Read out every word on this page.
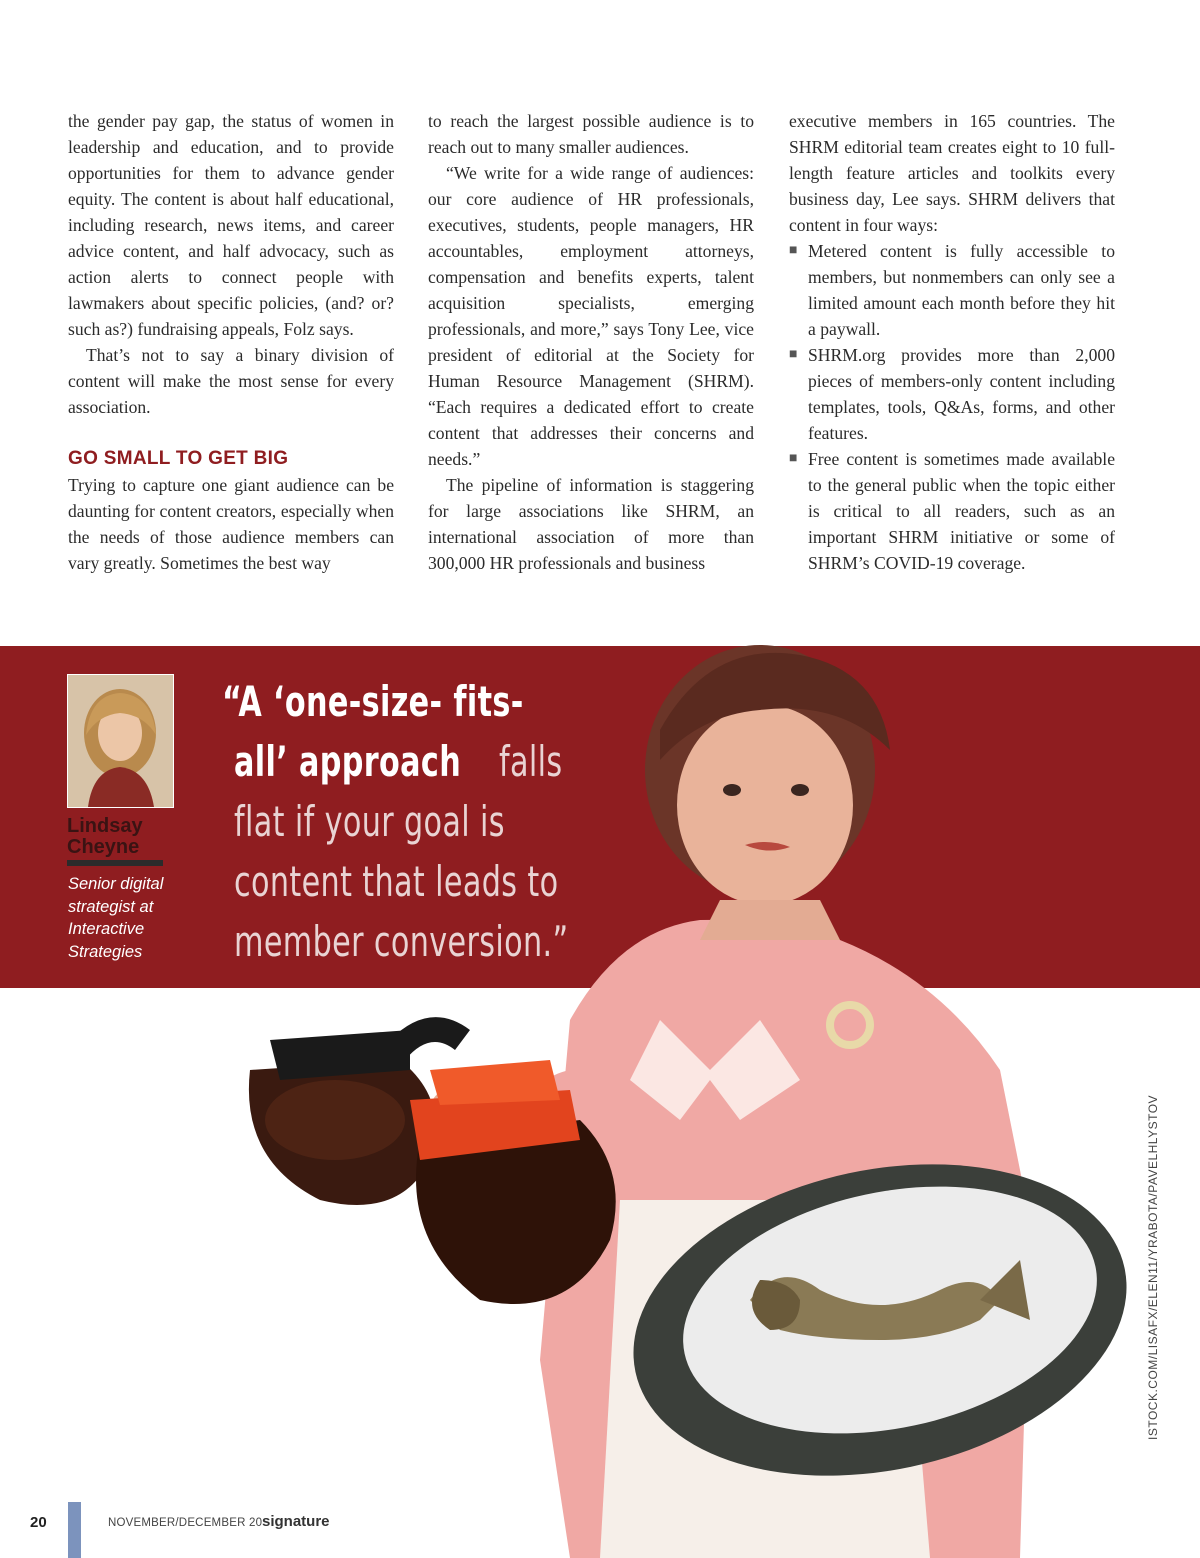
the gender pay gap, the status of women in leadership and education, and to provide opportunities for them to advance gender equity. The content is about half educational, including research, news items, and career advice content, and half advocacy, such as action alerts to connect people with lawmakers about specific policies, (and? or? such as?) fundraising appeals, Folz says.

That’s not to say a binary division of content will make the most sense for every association.

GO SMALL TO GET BIG

Trying to capture one giant audience can be daunting for content creators, especially when the needs of those audience members can vary greatly. Sometimes the best way

to reach the largest possible audience is to reach out to many smaller audiences.

“We write for a wide range of audiences: our core audience of HR professionals, executives, students, people managers, HR accountables, employment attorneys, compensation and benefits experts, talent acquisition specialists, emerging professionals, and more,” says Tony Lee, vice president of editorial at the Society for Human Resource Management (SHRM). “Each requires a dedicated effort to create content that addresses their concerns and needs.”

The pipeline of information is staggering for large associations like SHRM, an international association of more than 300,000 HR professionals and business

executive members in 165 countries. The SHRM editorial team creates eight to 10 full-length feature articles and toolkits every business day, Lee says. SHRM delivers that content in four ways:

■ Metered content is fully accessible to members, but nonmembers can only see a limited amount each month before they hit a paywall.

■ SHRM.org provides more than 2,000 pieces of members-only content including templates, tools, Q&As, forms, and other features.

■ Free content is sometimes made available to the general public when the topic either is critical to all readers, such as an important SHRM initiative or some of SHRM’s COVID-19 coverage.

Lindsay Cheyne
Senior digital strategist at Interactive Strategies
“A ‘one-size- fits-
all’ approachfalls
flat if your goal is
content that leads to
member conversion.”
ISTOCK.COM/LISAFX/ELEN11/YRABOTA/PAVELHLYSTOV
20	NOVEMBER/DECEMBER 20 signature
